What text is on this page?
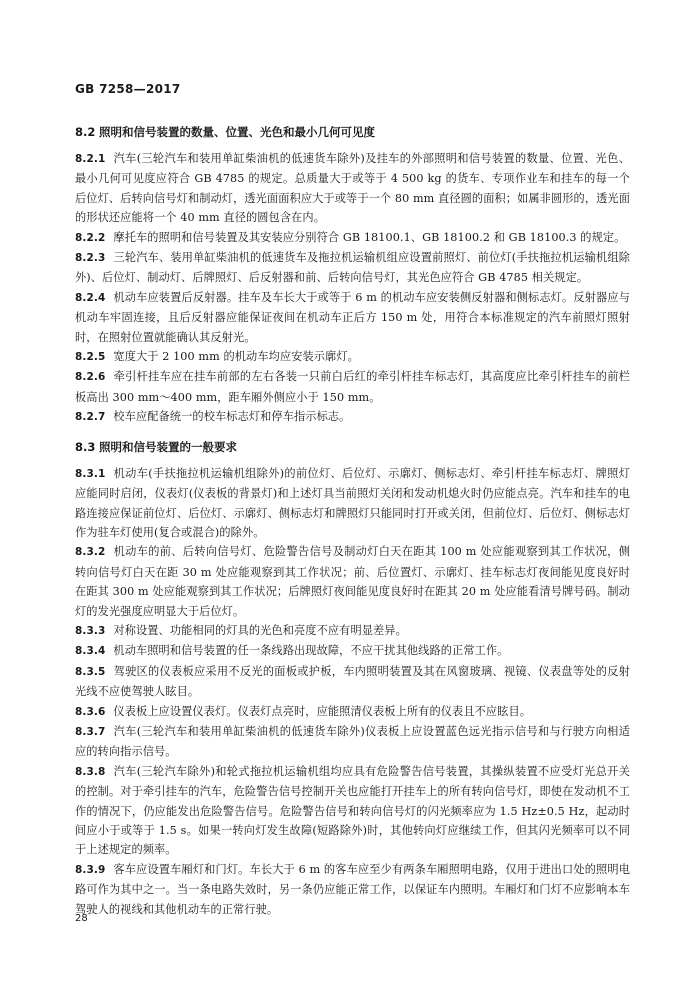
GB 7258—2017
8.2 照明和信号装置的数量、位置、光色和最小几何可见度

8.2.1 汽车(三轮汽车和装用单缸柴油机的低速货车除外)及挂车的外部照明和信号装置的数量、位置、光色、最小几何可见度应符合 GB 4785 的规定。总质量大于或等于 4 500 kg 的货车、专项作业车和挂车的每一个后位灯、后转向信号灯和制动灯，透光面面积应大于或等于一个 80 mm 直径圆的面积；如属非圆形的，透光面的形状还应能将一个 40 mm 直径的圆包含在内。

8.2.2 摩托车的照明和信号装置及其安装应分别符合 GB 18100.1、GB 18100.2 和 GB 18100.3 的规定。

8.2.3 三轮汽车、装用单缸柴油机的低速货车及拖拉机运输机组应设置前照灯、前位灯(手扶拖拉机运输机组除外)、后位灯、制动灯、后牌照灯、后反射器和前、后转向信号灯，其光色应符合 GB 4785 相关规定。

8.2.4 机动车应装置后反射器。挂车及车长大于或等于 6 m 的机动车应安装侧反射器和侧标志灯。反射器应与机动车牢固连接，且后反射器应能保证夜间在机动车正后方 150 m 处，用符合本标准规定的汽车前照灯照射时，在照射位置就能确认其反射光。

8.2.5 宽度大于 2 100 mm 的机动车均应安装示廓灯。

8.2.6 牵引杆挂车应在挂车前部的左右各装一只前白后红的牵引杆挂车标志灯，其高度应比牵引杆挂车的前栏板高出 300 mm～400 mm，距车厢外侧应小于 150 mm。

8.2.7 校车应配备统一的校车标志灯和停车指示标志。

8.3 照明和信号装置的一般要求

8.3.1 机动车(手扶拖拉机运输机组除外)的前位灯、后位灯、示廓灯、侧标志灯、牵引杆挂车标志灯、牌照灯应能同时启闭，仪表灯(仪表板的背景灯)和上述灯具当前照灯关闭和发动机熄火时仍应能点亮。汽车和挂车的电路连接应保证前位灯、后位灯、示廓灯、侧标志灯和牌照灯只能同时打开或关闭，但前位灯、后位灯、侧标志灯作为驻车灯使用(复合或混合)的除外。

8.3.2 机动车的前、后转向信号灯、危险警告信号及制动灯白天在距其 100 m 处应能观察到其工作状况，侧转向信号灯白天在距 30 m 处应能观察到其工作状况；前、后位置灯、示廓灯、挂车标志灯夜间能见度良好时在距其 300 m 处应能观察到其工作状况；后牌照灯夜间能见度良好时在距其 20 m 处应能看清号牌号码。制动灯的发光强度应明显大于后位灯。

8.3.3 对称设置、功能相同的灯具的光色和亮度不应有明显差异。

8.3.4 机动车照明和信号装置的任一条线路出现故障，不应干扰其他线路的正常工作。

8.3.5 驾驶区的仪表板应采用不反光的面板或护板，车内照明装置及其在风窗玻璃、视镜、仪表盘等处的反射光线不应使驾驶人眩目。

8.3.6 仪表板上应设置仪表灯。仪表灯点亮时，应能照清仪表板上所有的仪表且不应眩目。

8.3.7 汽车(三轮汽车和装用单缸柴油机的低速货车除外)仪表板上应设置蓝色远光指示信号和与行驶方向相适应的转向指示信号。

8.3.8 汽车(三轮汽车除外)和轮式拖拉机运输机组均应具有危险警告信号装置，其操纵装置不应受灯光总开关的控制。对于牵引挂车的汽车，危险警告信号控制开关也应能打开挂车上的所有转向信号灯，即使在发动机不工作的情况下，仍应能发出危险警告信号。危险警告信号和转向信号灯的闪光频率应为 1.5 Hz±0.5 Hz，起动时间应小于或等于 1.5 s。如果一转向灯发生故障(短路除外)时，其他转向灯应继续工作，但其闪光频率可以不同于上述规定的频率。

8.3.9 客车应设置车厢灯和门灯。车长大于 6 m 的客车应至少有两条车厢照明电路，仅用于进出口处的照明电路可作为其中之一。当一条电路失效时，另一条仍应能正常工作，以保证车内照明。车厢灯和门灯不应影响本车驾驶人的视线和其他机动车的正常行驶。

28
